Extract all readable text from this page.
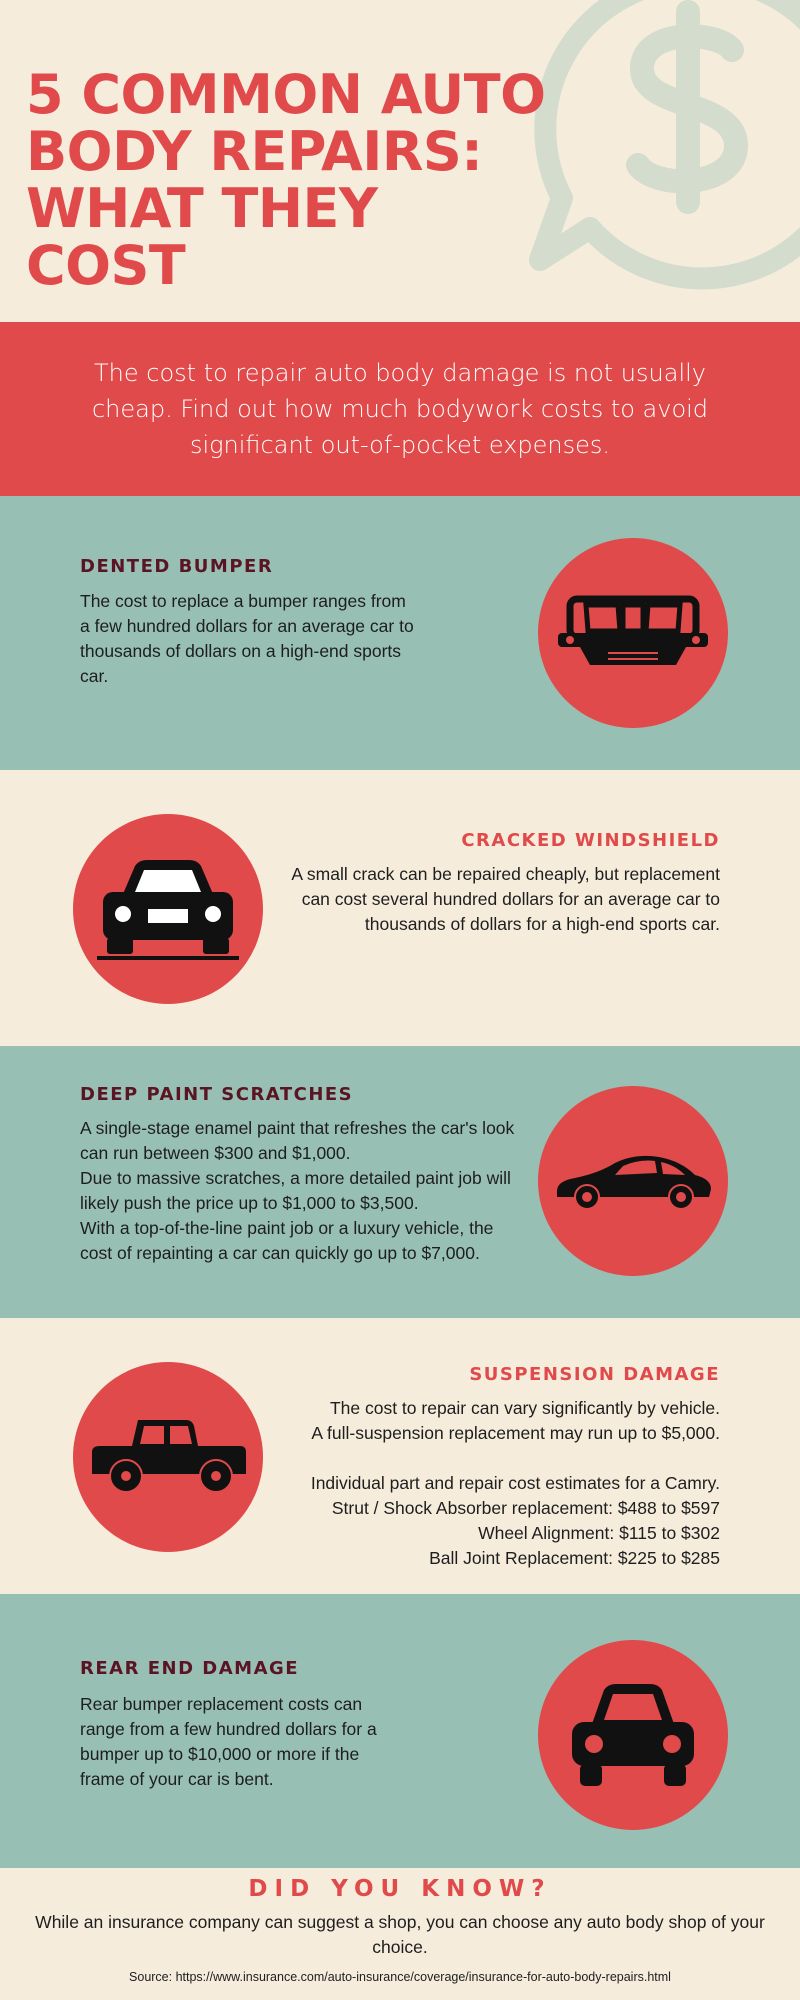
5 COMMON AUTO
BODY REPAIRS:
WHAT THEY COST

The cost to repair auto body damage is not usually cheap. Find out how much bodywork costs to avoid significant out-of-pocket expenses.

DENTED BUMPER

The cost to replace a bumper ranges from a few hundred dollars for an average car to thousands of dollars on a high-end sports car.

CRACKED WINDSHIELD

A small crack can be repaired cheaply, but replacement can cost several hundred dollars for an average car to thousands of dollars for a high-end sports car.

DEEP PAINT SCRATCHES
A single-stage enamel paint that refreshes the car's look can run between $300 and $1,000.
Due to massive scratches, a more detailed paint job will likely push the price up to $1,000 to $3,500.
With a top-of-the-line paint job or a luxury vehicle, the cost of repainting a car can quickly go up to $7,000.
SUSPENSION DAMAGE
The cost to repair can vary significantly by vehicle.
A full-suspension replacement may run up to $5,000.
Individual part and repair cost estimates for a Camry.
Strut / Shock Absorber replacement: $488 to $597
Wheel Alignment: $115 to $302
Ball Joint Replacement: $225 to $285
REAR END DAMAGE

Rear bumper replacement costs can range from a few hundred dollars for a bumper up to $10,000 or more if the frame of your car is bent.

DID YOU KNOW?

While an insurance company can suggest a shop, you can choose any auto body shop of your choice.

Source: https://www.insurance.com/auto-insurance/coverage/insurance-for-auto-body-repairs.html
